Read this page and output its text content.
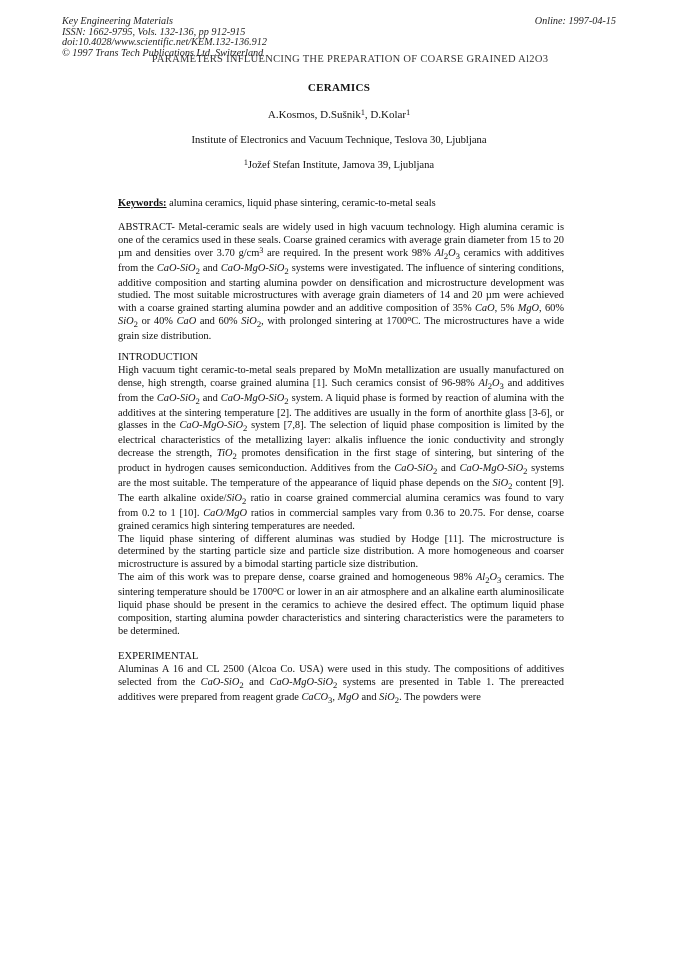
Key Engineering Materials
ISSN: 1662-9795, Vols. 132-136, pp 912-915
doi:10.4028/www.scientific.net/KEM.132-136.912
© 1997 Trans Tech Publications Ltd, Switzerland
Online: 1997-04-15
PARAMETERS INFLUENCING THE PREPARATION OF COARSE GRAINED Al2O3
CERAMICS
A.Kosmos, D.Sušnik$^1$, D.Kolar$^1$
Institute of Electronics and Vacuum Technique, Teslova 30, Ljubljana
$^1$Jožef Stefan Institute, Jamova 39, Ljubljana
Keywords: alumina ceramics, liquid phase sintering, ceramic-to-metal seals

ABSTRACT- Metal-ceramic seals are widely used in high vacuum technology. High alumina ceramic is one of the ceramics used in these seals. Coarse grained ceramics with average grain diameter from 15 to 20 µm and densities over 3.70 $g/cm^3$ are required. In the present work 98% $Al_2O_3$ ceramics with additives from the CaO-SiO$_2$ and CaO-MgO-SiO$_2$ systems were investigated. The influence of sintering conditions, additive composition and starting alumina powder on densification and microstructure development was studied. The most suitable microstructures with average grain diameters of 14 and 20 µm were achieved with a coarse grained starting alumina powder and an additive composition of 35% CaO, 5% MgO, 60% SiO$_2$ or 40% CaO and 60% SiO$_2$, with prolonged sintering at 1700$^o$C. The microstructures have a wide grain size distribution.

INTRODUCTION

High vacuum tight ceramic-to-metal seals prepared by MoMn metallization are usually manufactured on dense, high strength, coarse grained alumina [1]. Such ceramics consist of 96-98% $Al_2O_3$ and additives from the CaO-SiO$_2$ and CaO-MgO-SiO$_2$ system. A liquid phase is formed by reaction of alumina with the additives at the sintering temperature [2]. The additives are usually in the form of anorthite glass [3-6], or glasses in the CaO-MgO-SiO$_2$ system [7,8]. The selection of liquid phase composition is limited by the electrical characteristics of the metallizing layer: alkalis influence the ionic conductivity and strongly decrease the strength, TiO$_2$ promotes densification in the first stage of sintering, but sintering of the product in hydrogen causes semiconduction. Additives from the CaO-SiO$_2$ and CaO-MgO-SiO$_2$ systems are the most suitable. The temperature of the appearance of liquid phase depends on the SiO$_2$ content [9]. The earth alkaline oxide/SiO$_2$ ratio in coarse grained commercial alumina ceramics was found to vary from 0.2 to 1 [10]. CaO/MgO ratios in commercial samples vary from 0.36 to 20.75. For dense, coarse grained ceramics high sintering temperatures are needed.

The liquid phase sintering of different aluminas was studied by Hodge [11]. The microstructure is determined by the starting particle size and particle size distribution. A more homogeneous and coarser microstructure is assured by a bimodal starting particle size distribution.

The aim of this work was to prepare dense, coarse grained and homogeneous 98% $Al_2O_3$ ceramics. The sintering temperature should be 1700$^o$C or lower in an air atmosphere and an alkaline earth aluminosilicate liquid phase should be present in the ceramics to achieve the desired effect. The optimum liquid phase composition, starting alumina powder characteristics and sintering characteristics were the parameters to be determined.

EXPERIMENTAL

Aluminas A 16 and CL 2500 (Alcoa Co. USA) were used in this study. The compositions of additives selected from the CaO-SiO$_2$ and CaO-MgO-SiO$_2$ systems are presented in Table 1. The prereacted additives were prepared from reagent grade CaCO$_3$, MgO and SiO$_2$. The powders were
